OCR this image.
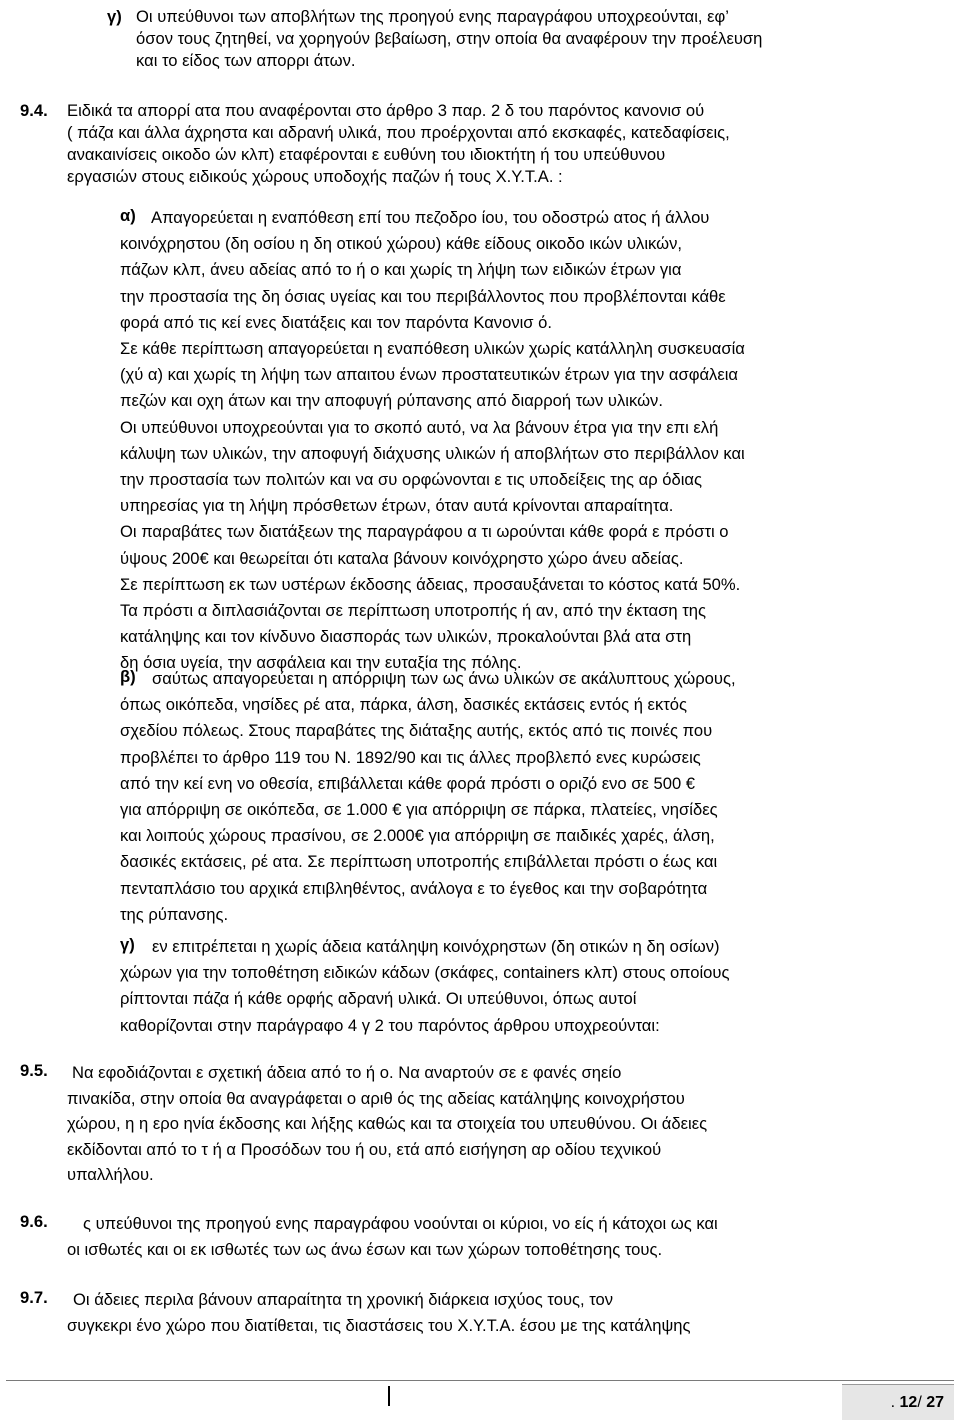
γ) Οι υπεύθυνοι των αποβλήτων της προηγού ενης παραγράφου υποχρεούνται, εφ’
όσον τους ζητηθεί, να χορηγούν βεβαίωση, στην οποία θα αναφέρουν την προέλευση
και το είδος των απορρι άτων.
9.4. Ειδικά τα απορρί ατα που αναφέρονται στο άρθρο 3 παρ. 2 δ του παρόντος κανονισ ού
( πάζα και άλλα άχρηστα και αδρανή υλικά, που προέρχονται από εκσκαφές, κατεδαφίσεις,
ανακαινίσεις οικοδο ών κλπ) εταφέρονται ε ευθύνη του ιδιοκτήτη ή του υπεύθυνου
εργασιών στους ειδικούς χώρους υποδοχής παζών ή τους Χ.Υ.Τ.Α. :
α) Απαγορεύεται η εναπόθεση επί του πεζοδρο ίου, του οδοστρώ ατος ή άλλου
κοινόχρηστου (δη οσίου η δη οτικού χώρου) κάθε είδους οικοδο ικών υλικών,
πάζων κλπ, άνευ αδείας από το ή ο και χωρίς τη λήψη των ειδικών έτρων για
την προστασία της δη όσιας υγείας και του περιβάλλοντος που προβλέπονται κάθε
φορά από τις κεί ενες διατάξεις και τον παρόντα Κανονισ ό.
Σε κάθε περίπτωση απαγορεύεται η εναπόθεση υλικών χωρίς κατάλληλη συσκευασία
(χύ α) και χωρίς τη λήψη των απαιτου ένων προστατευτικών έτρων για την ασφάλεια
πεζών και οχη άτων και την αποφυγή ρύπανσης από διαρροή των υλικών.
Οι υπεύθυνοι υποχρεούνται για το σκοπό αυτό, να λα βάνουν έτρα για την επι ελή
κάλυψη των υλικών, την αποφυγή διάχυσης υλικών ή αποβλήτων στο περιβάλλον και
την προστασία των πολιτών και να συ ορφώνονται ε τις υποδείξεις της αρ όδιας
υπηρεσίας για τη λήψη πρόσθετων έτρων, όταν αυτά κρίνονται απαραίτητα.
Οι παραβάτες των διατάξεων της παραγράφου α τι ωρούνται κάθε φορά ε πρόστι ο
ύψους 200€ και θεωρείται ότι καταλα βάνουν κοινόχρηστο χώρο άνευ αδείας.
Σε περίπτωση εκ των υστέρων έκδοσης άδειας, προσαυξάνεται το κόστος κατά 50%.
Τα πρόστι α διπλασιάζονται σε περίπτωση υποτροπής ή αν, από την έκταση της
κατάληψης και τον κίνδυνο διασποράς των υλικών, προκαλούνται βλά ατα στη
δη όσια υγεία, την ασφάλεια και την ευταξία της πόλης.
β) σαύτως απαγορεύεται η απόρριψη των ως άνω υλικών σε ακάλυπτους χώρους,
όπως οικόπεδα, νησίδες ρέ ατα, πάρκα, άλση, δασικές εκτάσεις εντός ή εκτός
σχεδίου πόλεως. Στους παραβάτες της διάταξης αυτής, εκτός από τις ποινές που
προβλέπει το άρθρο 119 του Ν. 1892/90 και τις άλλες προβλεπό ενες κυρώσεις
από την κεί ενη νο οθεσία, επιβάλλεται κάθε φορά πρόστι ο οριζό ενο σε 500 €
για απόρριψη σε οικόπεδα, σε 1.000 € για απόρριψη σε πάρκα, πλατείες, νησίδες
και λοιπούς χώρους πρασίνου, σε 2.000€ για απόρριψη σε παιδικές χαρές, άλση,
δασικές εκτάσεις, ρέ ατα. Σε περίπτωση υποτροπής επιβάλλεται πρόστι ο έως και
πενταπλάσιο του αρχικά επιβληθέντος, ανάλογα ε το έγεθος και την σοβαρότητα
της ρύπανσης.
γ)	εν επιτρέπεται η χωρίς άδεια κατάληψη κοινόχρηστων (δη οτικών η δη οσίων)
χώρων για την τοποθέτηση ειδικών κάδων (σκάφες, containers κλπ) στους οποίους
ρίπτονται πάζα ή κάθε ορφής αδρανή υλικά. Οι υπεύθυνοι, όπως αυτοί
καθορίζονται στην παράγραφο 4 γ 2 του παρόντος άρθρου υποχρεούνται:
9.5.	Να εφοδιάζονται ε σχετική άδεια από το ή ο. Να αναρτούν σε ε φανές σηείο
πινακίδα, στην οποία θα αναγράφεται ο αριθ ός της αδείας κατάληψης κοινοχρήστου
χώρου, η η ερο ηνία έκδοσης και λήξης καθώς και τα στοιχεία του υπευθύνου. Οι άδειες
εκδίδονται από το τ ή α Προσόδων του ή ου, ετά από εισήγηση αρ οδίου τεχνικού
υπαλλήλου.
9.6.	ς υπεύθυνοι της προηγού ενης παραγράφου νοούνται οι κύριοι, νο είς ή κάτοχοι ως και
οι ισθωτές και οι εκ ισθωτές των ως άνω έσων και των χώρων τοποθέτησης τους.
9.7.	Οι άδειες περιλα βάνουν απαραίτητα τη χρονική διάρκεια ισχύος τους, τον
συγκεκρι ένο χώρο που διατίθεται, τις διαστάσεις του Χ.Υ.Τ.Α. έσου με της κατάληψης
. 12/ 27
